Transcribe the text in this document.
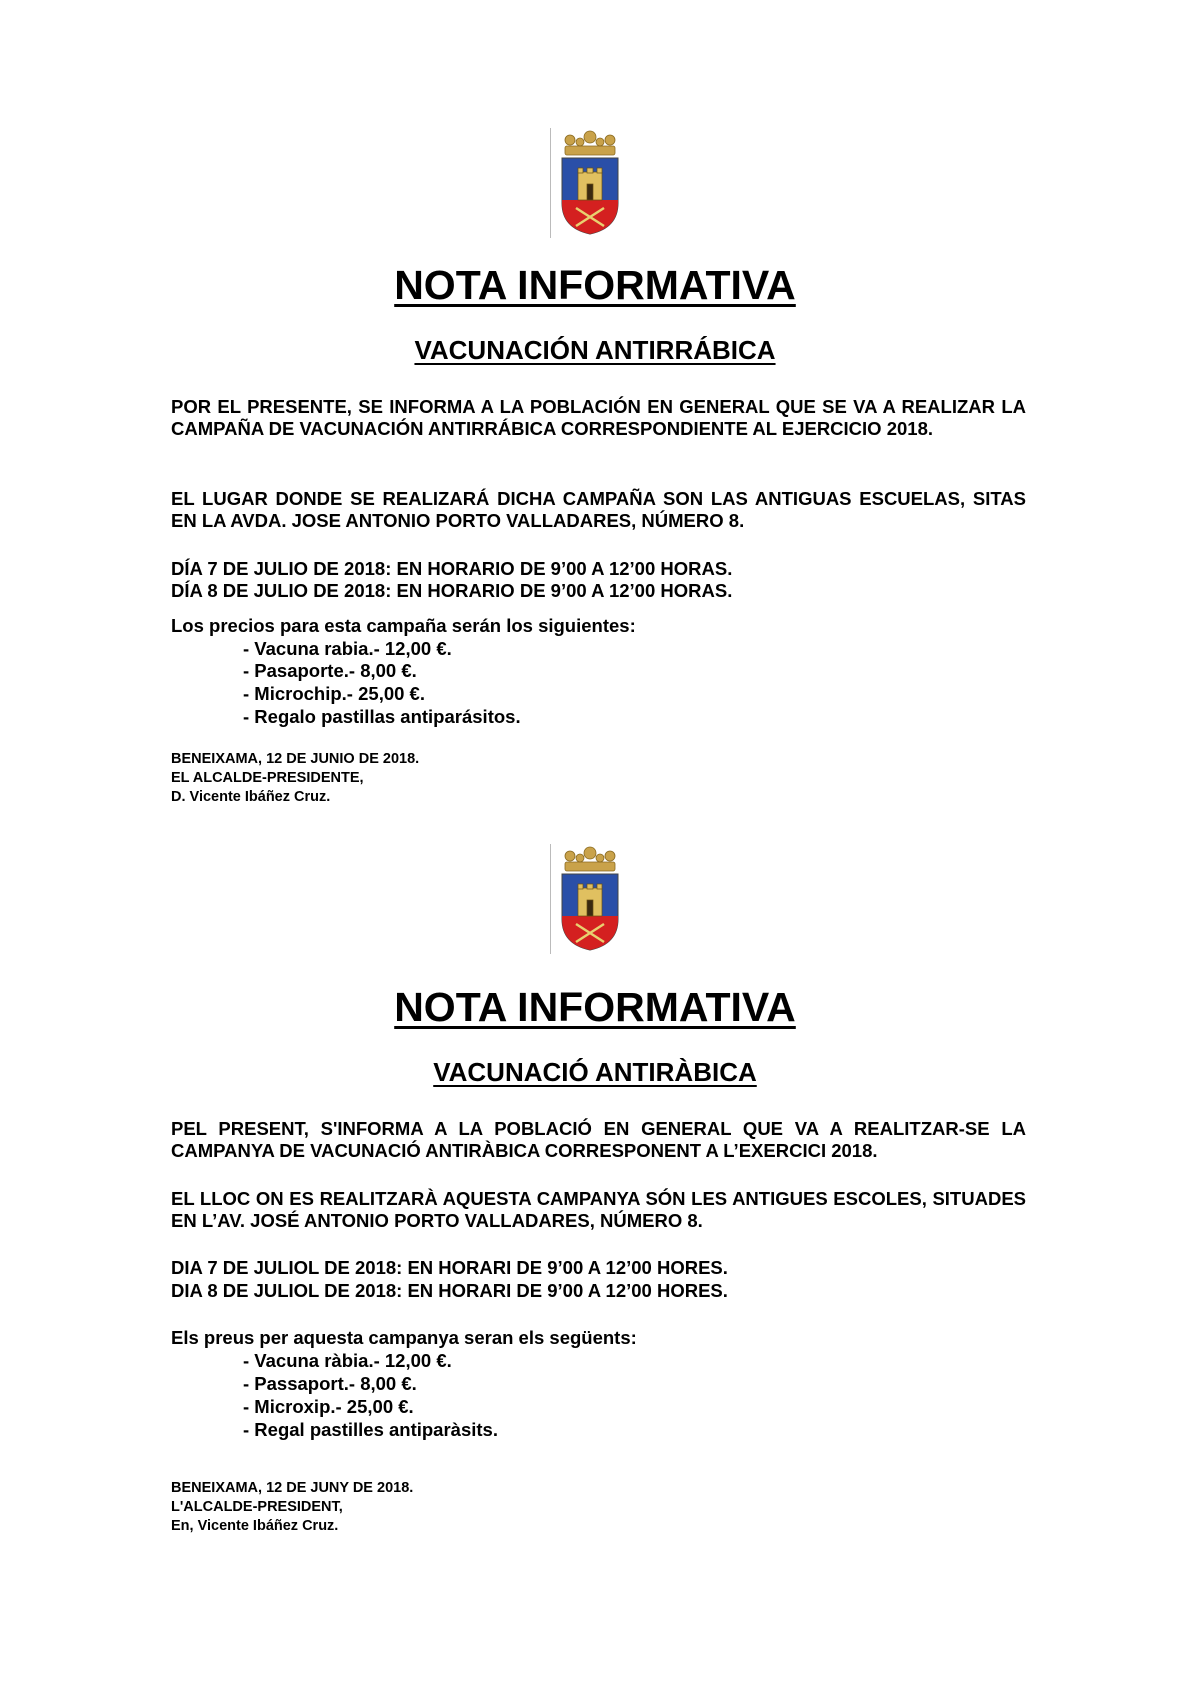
NOTA INFORMATIVA
VACUNACIÓN ANTIRRÁBICA
POR EL PRESENTE, SE INFORMA A LA POBLACIÓN EN GENERAL QUE SE VA A REALIZAR LA CAMPAÑA DE VACUNACIÓN ANTIRRÁBICA CORRESPONDIENTE AL EJERCICIO 2018.
EL LUGAR DONDE SE REALIZARÁ DICHA CAMPAÑA SON LAS ANTIGUAS ESCUELAS, SITAS EN LA AVDA. JOSE ANTONIO PORTO VALLADARES, NÚMERO 8.
DÍA 7 DE JULIO DE 2018: EN HORARIO DE 9’00 A 12’00 HORAS.
DÍA 8 DE JULIO DE 2018: EN HORARIO DE 9’00 A 12’00 HORAS.
Los precios para esta campaña serán los siguientes:
- Vacuna rabia.- 12,00 €.
- Pasaporte.- 8,00 €.
- Microchip.- 25,00 €.
- Regalo pastillas antiparásitos.
BENEIXAMA, 12 DE JUNIO DE 2018.
EL ALCALDE-PRESIDENTE,
D. Vicente Ibáñez Cruz.
NOTA INFORMATIVA
VACUNACIÓ ANTIRÀBICA
PEL PRESENT, S'INFORMA A LA POBLACIÓ EN GENERAL QUE VA A REALITZAR-SE LA CAMPANYA DE VACUNACIÓ ANTIRÀBICA CORRESPONENT A L’EXERCICI 2018.
EL LLOC ON ES REALITZARÀ AQUESTA CAMPANYA SÓN LES ANTIGUES ESCOLES, SITUADES EN L’AV. JOSÉ ANTONIO PORTO VALLADARES, NÚMERO 8.
DIA 7 DE JULIOL DE 2018: EN HORARI DE 9’00 A 12’00 HORES.
DIA 8 DE JULIOL DE 2018: EN HORARI DE 9’00 A 12’00 HORES.
Els preus per aquesta campanya seran els següents:
- Vacuna ràbia.- 12,00 €.
- Passaport.- 8,00 €.
- Microxip.- 25,00 €.
- Regal pastilles antiparàsits.
BENEIXAMA, 12 DE JUNY DE 2018.
L'ALCALDE-PRESIDENT,
En, Vicente Ibáñez Cruz.
